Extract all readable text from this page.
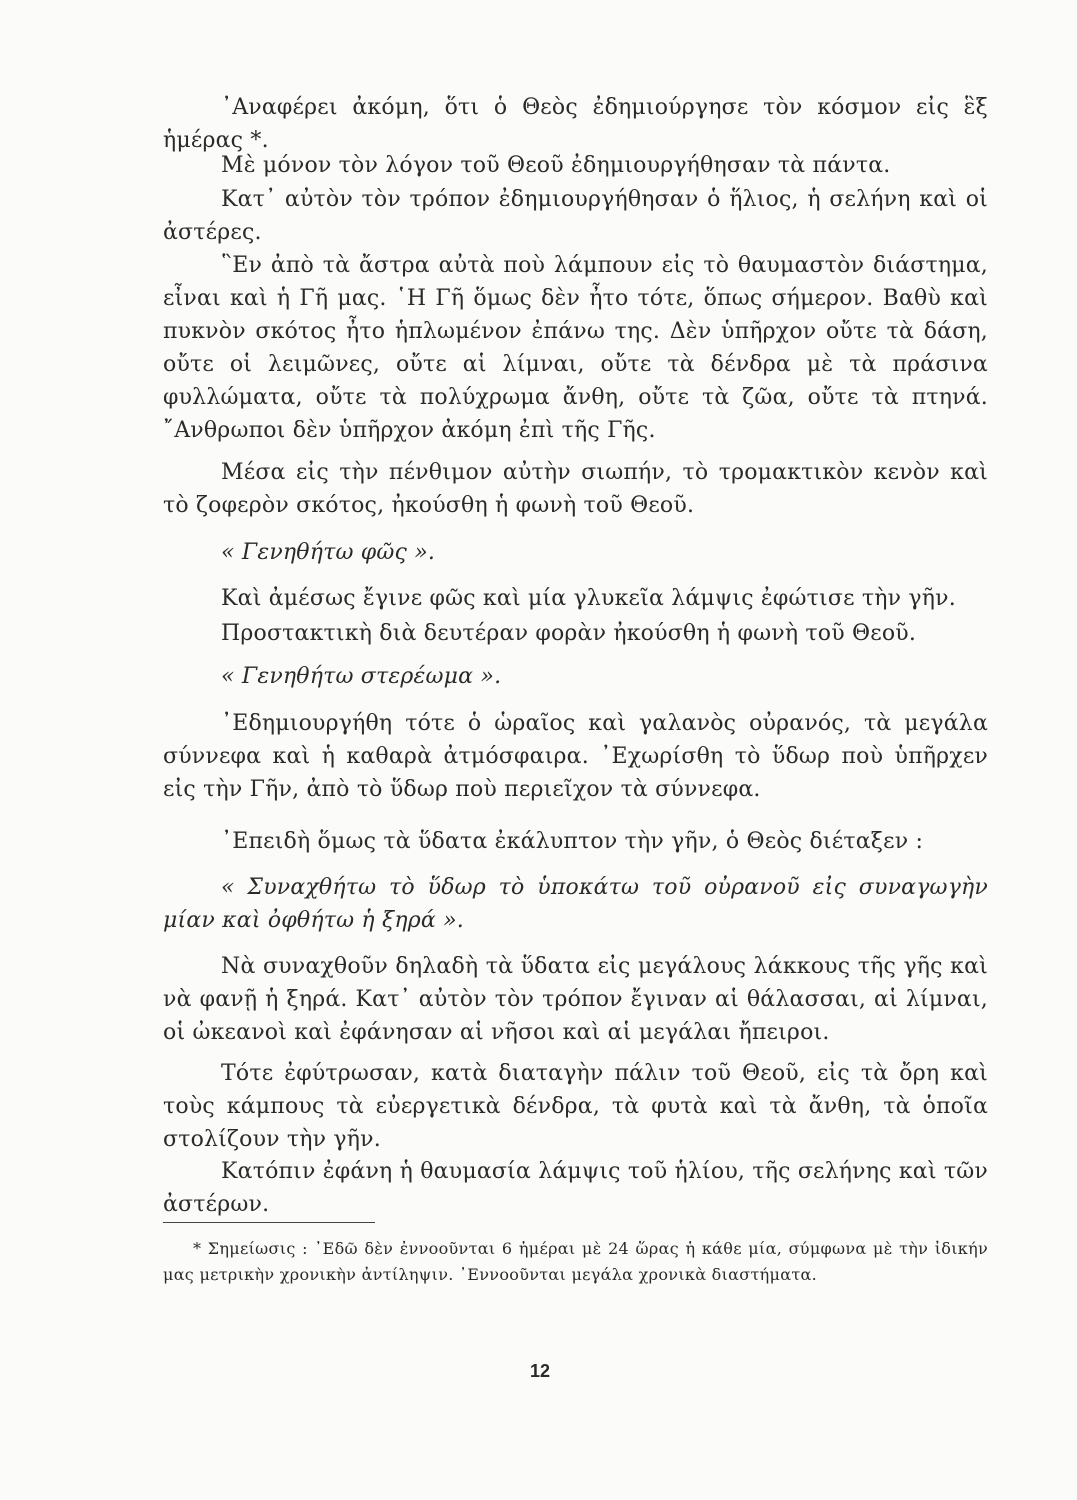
᾿Αναφέρει ἀκόμη, ὅτι ὁ Θεὸς ἐδημιούργησε τὸν κόσμον εἰς ἓξ ἡμέρας *.

Μὲ μόνον τὸν λόγον τοῦ Θεοῦ ἐδημιουργήθησαν τὰ πάντα.

Κατ᾿ αὐτὸν τὸν τρόπον ἐδημιουργήθησαν ὁ ἥλιος, ἡ σελήνη καὶ οἱ ἀστέρες.

῝Εν ἀπὸ τὰ ἄστρα αὐτὰ ποὺ λάμπουν εἰς τὸ θαυμαστὸν διάστημα, εἶναι καὶ ἡ Γῆ μας. ῾Η Γῆ ὅμως δὲν ἦτο τότε, ὅπως σήμερον. Βαθὺ καὶ πυκνὸν σκότος ἦτο ἡπλωμένον ἐπάνω της. Δὲν ὑπῆρχον οὔτε τὰ δάση, οὔτε οἱ λειμῶνες, οὔτε αἱ λίμναι, οὔτε τὰ δένδρα μὲ τὰ πράσινα φυλλώματα, οὔτε τὰ πολύχρωμα ἄνθη, οὔτε τὰ ζῶα, οὔτε τὰ πτηνά. ῎Ανθρωποι δὲν ὑπῆρχον ἀκόμη ἐπὶ τῆς Γῆς.

Μέσα εἰς τὴν πένθιμον αὐτὴν σιωπήν, τὸ τρομακτικὸν κενὸν καὶ τὸ ζοφερὸν σκότος, ἠκούσθη ἡ φωνὴ τοῦ Θεοῦ.

« Γενηθήτω φῶς ».

Καὶ ἀμέσως ἔγινε φῶς καὶ μία γλυκεῖα λάμψις ἐφώτισε τὴν γῆν.

Προστακτικὴ διὰ δευτέραν φορὰν ἠκούσθη ἡ φωνὴ τοῦ Θεοῦ.

« Γενηθήτω στερέωμα ».

᾿Εδημιουργήθη τότε ὁ ὡραῖος καὶ γαλανὸς οὐρανός, τὰ μεγάλα σύννεφα καὶ ἡ καθαρὰ ἀτμόσφαιρα. ᾿Εχωρίσθη τὸ ὕδωρ ποὺ ὑπῆρχεν εἰς τὴν Γῆν, ἀπὸ τὸ ὕδωρ ποὺ περιεῖχον τὰ σύννεφα.

᾿Επειδὴ ὅμως τὰ ὕδατα ἐκάλυπτον τὴν γῆν, ὁ Θεὸς διέταξεν :

« Συναχθήτω τὸ ὕδωρ τὸ ὑποκάτω τοῦ οὐρανοῦ εἰς συναγωγὴν μίαν καὶ ὀφθήτω ἡ ξηρά ».

Νὰ συναχθοῦν δηλαδὴ τὰ ὕδατα εἰς μεγάλους λάκκους τῆς γῆς καὶ νὰ φανῇ ἡ ξηρά. Κατ᾿ αὐτὸν τὸν τρόπον ἔγιναν αἱ θάλασσαι, αἱ λίμναι, οἱ ὠκεανοὶ καὶ ἐφάνησαν αἱ νῆσοι καὶ αἱ μεγάλαι ἤπειροι.

Τότε ἐφύτρωσαν, κατὰ διαταγὴν πάλιν τοῦ Θεοῦ, εἰς τὰ ὄρη καὶ τοὺς κάμπους τὰ εὐεργετικὰ δένδρα, τὰ φυτὰ καὶ τὰ ἄνθη, τὰ ὁποῖα στολίζουν τὴν γῆν.

Κατόπιν ἐφάνη ἡ θαυμασία λάμψις τοῦ ἡλίου, τῆς σελήνης καὶ τῶν ἀστέρων.

* Σημείωσις : ᾿Εδῶ δὲν ἐννοοῦνται 6 ἡμέραι μὲ 24 ὥρας ἡ κάθε μία, σύμφωνα μὲ τὴν ἰδικήν μας μετρικὴν χρονικὴν ἀντίληψιν. ᾿Εννοοῦνται μεγάλα χρονικὰ διαστήματα.

12
